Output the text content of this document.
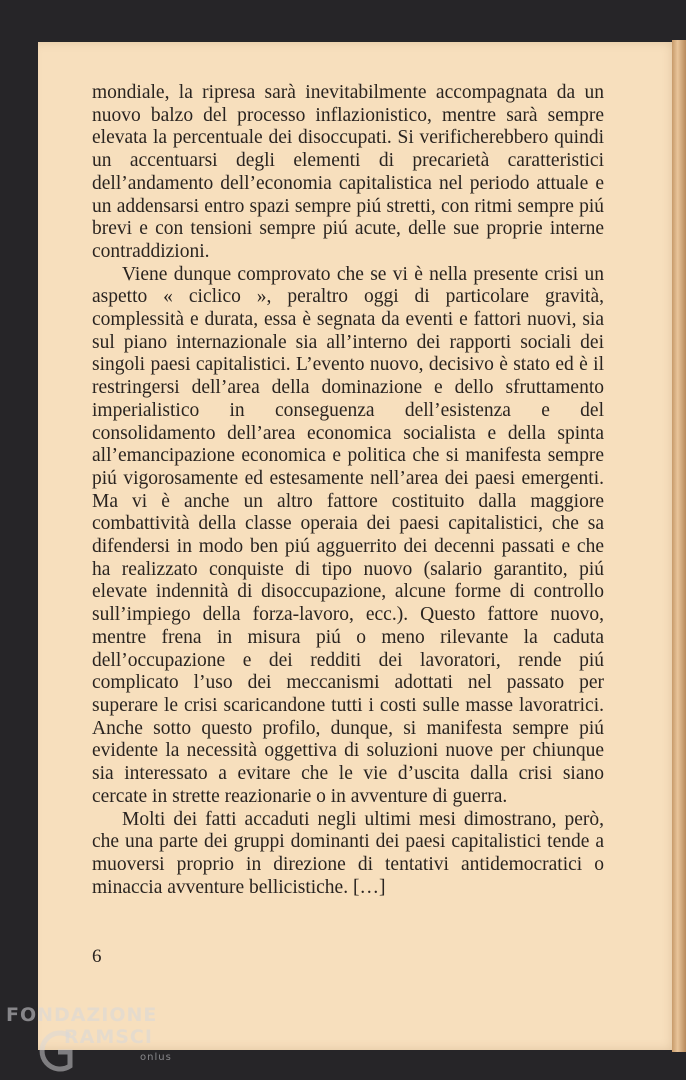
mondiale, la ripresa sarà inevitabilmente accompagnata da un nuovo balzo del processo inflazionistico, mentre sarà sempre elevata la percentuale dei disoccupati. Si verificherebbero quindi un accentuarsi degli elementi di precarietà caratteristici dell’andamento dell’economia capitalistica nel periodo attuale e un addensarsi entro spazi sempre piú stretti, con ritmi sempre piú brevi e con tensioni sempre piú acute, delle sue proprie interne contraddizioni.

Viene dunque comprovato che se vi è nella presente crisi un aspetto « ciclico », peraltro oggi di particolare gravità, complessità e durata, essa è segnata da eventi e fattori nuovi, sia sul piano internazionale sia all’interno dei rapporti sociali dei singoli paesi capitalistici. L’evento nuovo, decisivo è stato ed è il restringersi dell’area della dominazione e dello sfruttamento imperialistico in conseguenza dell’esistenza e del consolidamento dell’area economica socialista e della spinta all’emancipazione economica e politica che si manifesta sempre piú vigorosamente ed estesamente nell’area dei paesi emergenti. Ma vi è anche un altro fattore costituito dalla maggiore combattività della classe operaia dei paesi capitalistici, che sa difendersi in modo ben piú agguerrito dei decenni passati e che ha realizzato conquiste di tipo nuovo (salario garantito, piú elevate indennità di disoccupazione, alcune forme di controllo sull’impiego della forza-lavoro, ecc.). Questo fattore nuovo, mentre frena in misura piú o meno rilevante la caduta dell’occupazione e dei redditi dei lavoratori, rende piú complicato l’uso dei meccanismi adottati nel passato per superare le crisi scaricandone tutti i costi sulle masse lavoratrici. Anche sotto questo profilo, dunque, si manifesta sempre piú evidente la necessità oggettiva di soluzioni nuove per chiunque sia interessato a evitare che le vie d’uscita dalla crisi siano cercate in strette reazionarie o in avventure di guerra.

Molti dei fatti accaduti negli ultimi mesi dimostrano, però, che una parte dei gruppi dominanti dei paesi capitalistici tende a muoversi proprio in direzione di tentativi antidemocratici o minaccia avventure bellicistiche. […]

6
FONDAZIONE
RAMSCI
onlus
